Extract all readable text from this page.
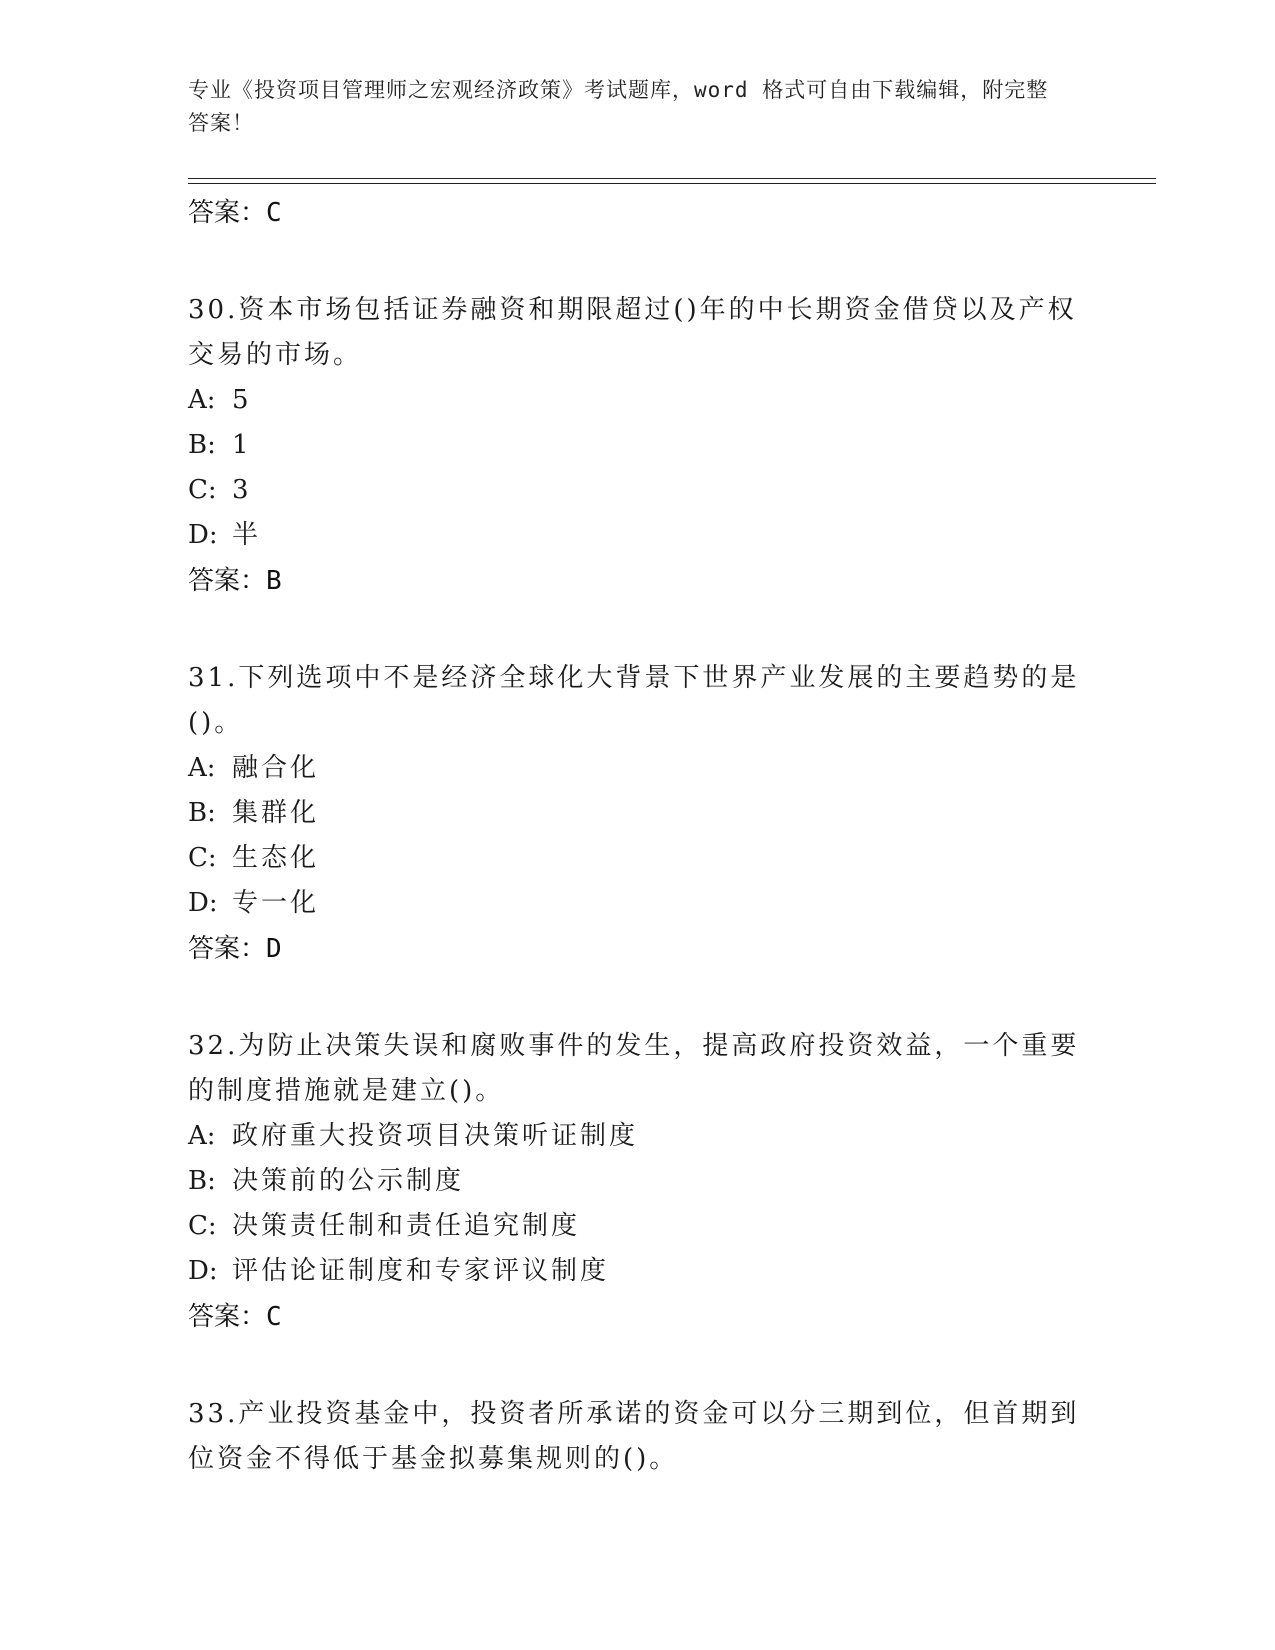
专业《投资项目管理师之宏观经济政策》考试题库，word 格式可自由下载编辑，附完整答案！
答案：C
30.资本市场包括证券融资和期限超过()年的中长期资金借贷以及产权交易的市场。
A: 5
B: 1
C: 3
D: 半
答案：B
31.下列选项中不是经济全球化大背景下世界产业发展的主要趋势的是()。
A: 融合化
B: 集群化
C: 生态化
D: 专一化
答案：D
32.为防止决策失误和腐败事件的发生，提高政府投资效益，一个重要的制度措施就是建立()。
A: 政府重大投资项目决策听证制度
B: 决策前的公示制度
C: 决策责任制和责任追究制度
D: 评估论证制度和专家评议制度
答案：C
33.产业投资基金中，投资者所承诺的资金可以分三期到位，但首期到位资金不得低于基金拟募集规则的()。
